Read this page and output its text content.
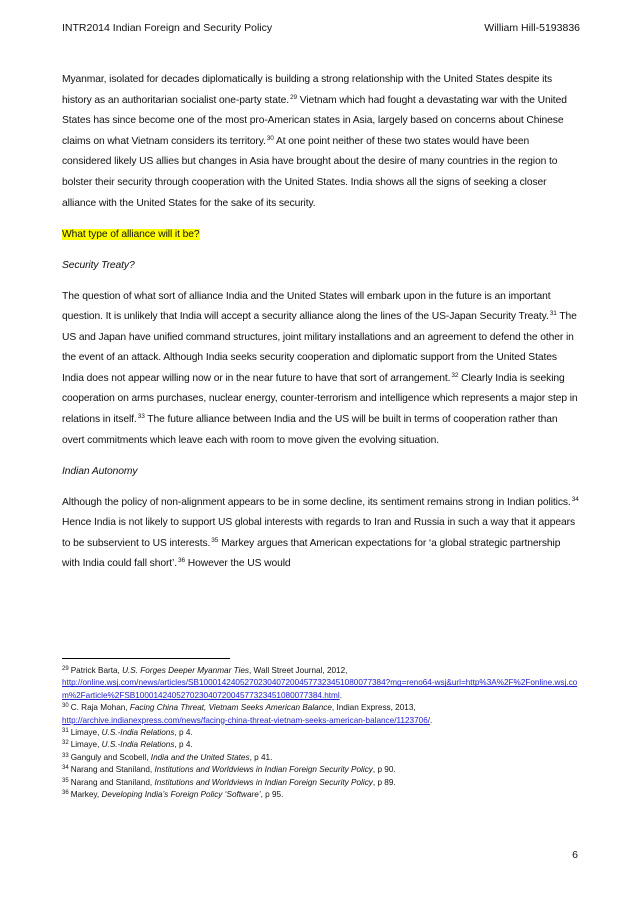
INTR2014 Indian Foreign and Security Policy	William Hill-5193836

Myanmar, isolated for decades diplomatically is building a strong relationship with the United States despite its history as an authoritarian socialist one-party state.$^{29}$ Vietnam which had fought a devastating war with the United States has since become one of the most pro-American states in Asia, largely based on concerns about Chinese claims on what Vietnam considers its territory.$^{30}$ At one point neither of these two states would have been considered likely US allies but changes in Asia have brought about the desire of many countries in the region to bolster their security through cooperation with the United States. India shows all the signs of seeking a closer alliance with the United States for the sake of its security.

What type of alliance will it be?

Security Treaty?

The question of what sort of alliance India and the United States will embark upon in the future is an important question. It is unlikely that India will accept a security alliance along the lines of the US-Japan Security Treaty.$^{31}$ The US and Japan have unified command structures, joint military installations and an agreement to defend the other in the event of an attack. Although India seeks security cooperation and diplomatic support from the United States India does not appear willing now or in the near future to have that sort of arrangement.$^{32}$ Clearly India is seeking cooperation on arms purchases, nuclear energy, counter-terrorism and intelligence which represents a major step in relations in itself.$^{33}$ The future alliance between India and the US will be built in terms of cooperation rather than overt commitments which leave each with room to move given the evolving situation.

Indian Autonomy

Although the policy of non-alignment appears to be in some decline, its sentiment remains strong in Indian politics.$^{34}$ Hence India is not likely to support US global interests with regards to Iran and Russia in such a way that it appears to be subservient to US interests.$^{35}$ Markey argues that American expectations for ‘a global strategic partnership with India could fall short’.$^{36}$ However the US would

$^{29}$ Patrick Barta, U.S. Forges Deeper Myanmar Ties, Wall Street Journal, 2012,
http://online.wsj.com/news/articles/SB10001424052702304072004577323451080077384?mg=reno64-wsj&url=http%3A%2F%2Fonline.wsj.com%2Farticle%2FSB10001424052702304072004577323451080077384.html.

$^{30}$ C. Raja Mohan, Facing China Threat, Vietnam Seeks American Balance, Indian Express, 2013,
http://archive.indianexpress.com/news/facing-china-threat-vietnam-seeks-american-balance/1123706/.

$^{31}$ Limaye, U.S.-India Relations, p 4.

$^{32}$ Limaye, U.S.-India Relations, p 4.

$^{33}$ Ganguly and Scobell, India and the United States, p 41.

$^{34}$ Narang and Staniland, Institutions and Worldviews in Indian Foreign Security Policy, p 90.

$^{35}$ Narang and Staniland, Institutions and Worldviews in Indian Foreign Security Policy, p 89.

$^{36}$ Markey, Developing India’s Foreign Policy ‘Software’, p 95.

6
